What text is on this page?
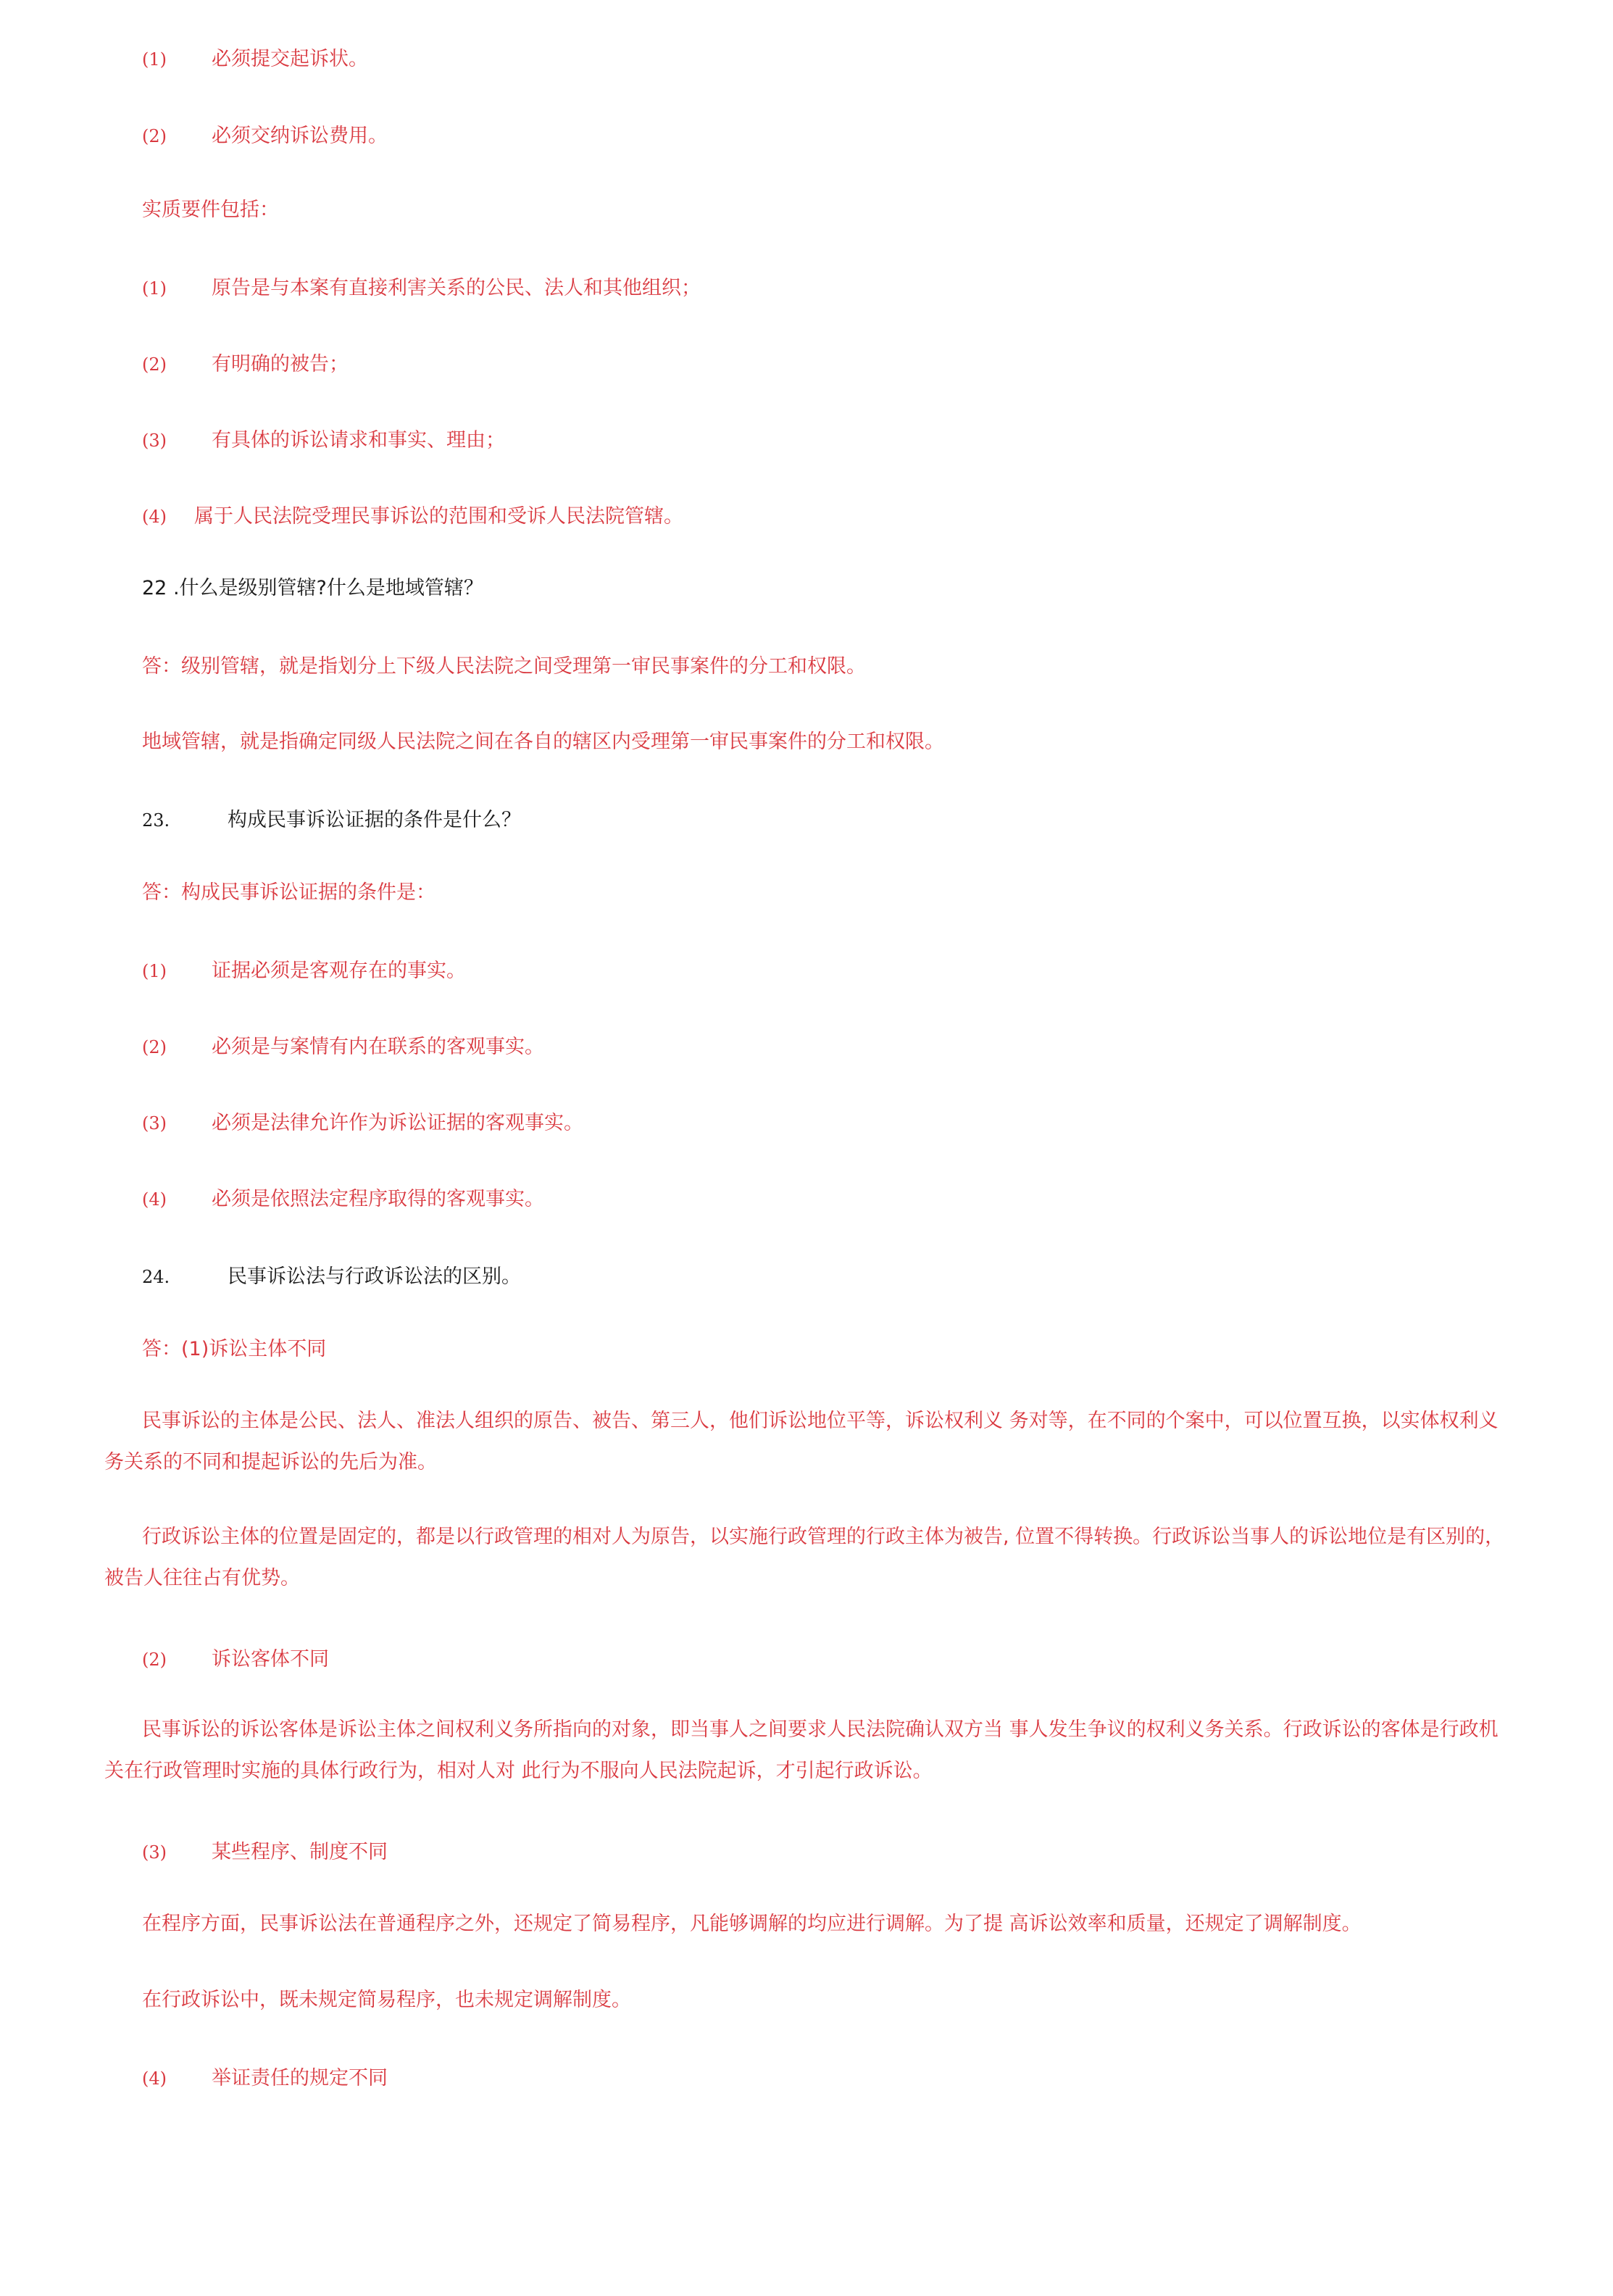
(1) 必须提交起诉状。
(2) 必须交纳诉讼费用。
实质要件包括：
(1) 原告是与本案有直接利害关系的公民、法人和其他组织；
(2) 有明确的被告；
(3) 有具体的诉讼请求和事实、理由；
(4) 属于人民法院受理民事诉讼的范围和受诉人民法院管辖。
22 .什么是级别管辖?什么是地域管辖？
答：级别管辖，就是指划分上下级人民法院之间受理第一审民事案件的分工和权限。
地域管辖，就是指确定同级人民法院之间在各自的辖区内受理第一审民事案件的分工和权限。
23.	构成民事诉讼证据的条件是什么？
答：构成民事诉讼证据的条件是：
(1) 证据必须是客观存在的事实。
(2) 必须是与案情有内在联系的客观事实。
(3) 必须是法律允许作为诉讼证据的客观事实。
(4) 必须是依照法定程序取得的客观事实。
24.	民事诉讼法与行政诉讼法的区别。
答：(1)诉讼主体不同
民事诉讼的主体是公民、法人、准法人组织的原告、被告、第三人，他们诉讼地位平等，诉讼权利义 务对等，在不同的个案中，可以位置互换，以实体权利义务关系的不同和提起诉讼的先后为准。
行政诉讼主体的位置是固定的，都是以行政管理的相对人为原告，以实施行政管理的行政主体为被告, 位置不得转换。行政诉讼当事人的诉讼地位是有区别的，被告人往往占有优势。
(2) 诉讼客体不同
民事诉讼的诉讼客体是诉讼主体之间权利义务所指向的对象，即当事人之间要求人民法院确认双方当 事人发生争议的权利义务关系。行政诉讼的客体是行政机关在行政管理时实施的具体行政行为，相对人对 此行为不服向人民法院起诉，才引起行政诉讼。
(3) 某些程序、制度不同
在程序方面，民事诉讼法在普通程序之外，还规定了简易程序，凡能够调解的均应进行调解。为了提 高诉讼效率和质量，还规定了调解制度。
在行政诉讼中，既未规定简易程序，也未规定调解制度。
(4) 举证责任的规定不同
